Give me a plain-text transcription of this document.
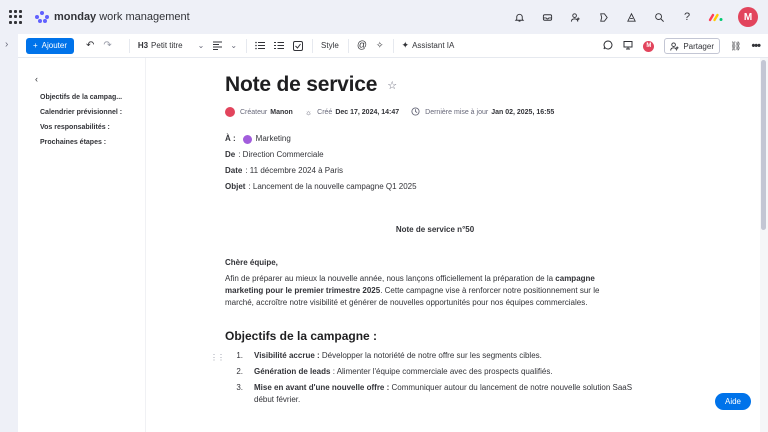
monday work management	?	M
›	+ Ajouter ↶ ↷	H3 Petit titre ⌄	⌄	Style @ ✧ ✦ Assistant IA	M	Partager ⛓ •••
‹
Objectifs de la campag...
Calendrier prévisionnel :
Vos responsabilités :
Prochaines étapes :
Note de service ☆
Créateur Manon ☼ Créé Dec 17, 2024, 14:47	Dernière mise à jour Jan 02, 2025, 16:55
À :	Marketing
De : Direction Commerciale
Date : 11 décembre 2024 à Paris
Objet : Lancement de la nouvelle campagne Q1 2025
Note de service n°50
Chère équipe,
Afin de préparer au mieux la nouvelle année, nous lançons officiellement la préparation de la campagne marketing pour le premier trimestre 2025. Cette campagne vise à renforcer notre positionnement sur le marché, accroître notre visibilité et générer de nouvelles opportunités pour nos équipes commerciales.
Objectifs de la campagne :
⋮⋮	1.	Visibilité accrue : Développer la notoriété de notre offre sur les segments cibles.
2.	Génération de leads : Alimenter l'équipe commerciale avec des prospects qualifiés.
3.	Mise en avant d'une nouvelle offre : Communiquer autour du lancement de notre nouvelle solution SaaS début février.	Aide
